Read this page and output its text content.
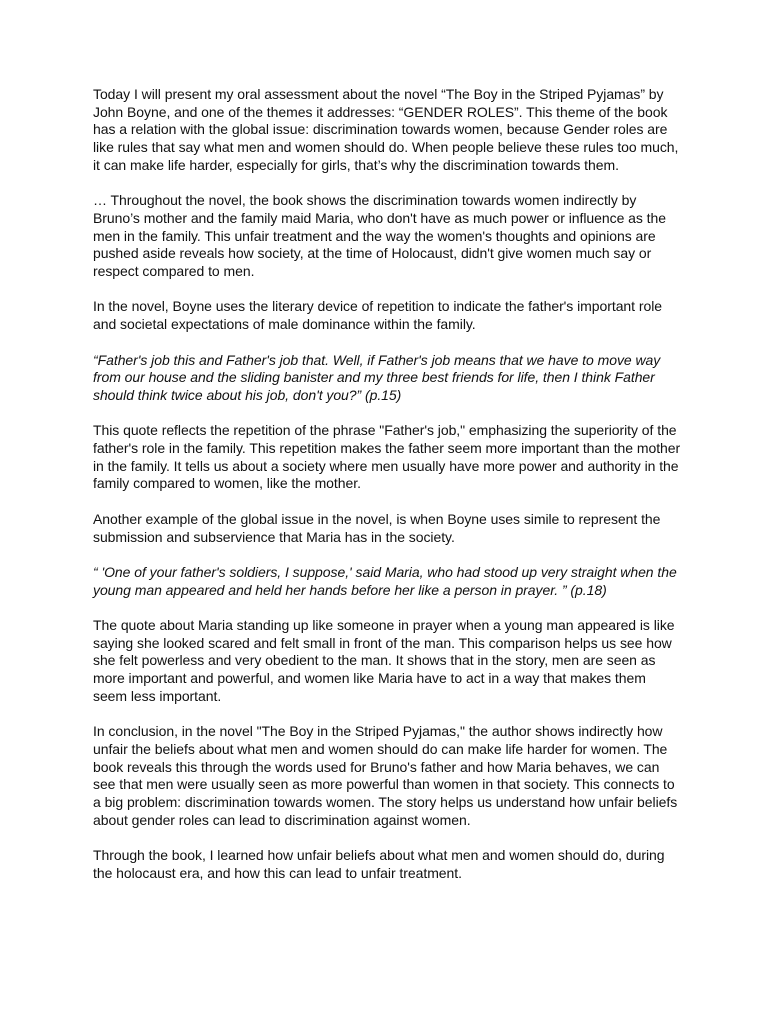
Today I will present my oral assessment about the novel “The Boy in the Striped Pyjamas” by John Boyne, and one of the themes it addresses: “GENDER ROLES”. This theme of the book has a relation with the global issue: discrimination towards women, because Gender roles are like rules that say what men and women should do. When people believe these rules too much, it can make life harder, especially for girls, that’s why the discrimination towards them.

… Throughout the novel, the book shows the discrimination towards women indirectly by Bruno’s mother and the family maid Maria, who don't have as much power or influence as the men in the family. This unfair treatment and the way the women's thoughts and opinions are pushed aside reveals how society, at the time of Holocaust, didn't give women much say or respect compared to men.

In the novel, Boyne uses the literary device of repetition to indicate the father's important role and societal expectations of male dominance within the family.

“Father's job this and Father's job that. Well, if Father's job means that we have to move way from our house and the sliding banister and my three best friends for life, then I think Father should think twice about his job, don't you?” (p.15)

This quote reflects the repetition of the phrase "Father's job," emphasizing the superiority of the father's role in the family. This repetition makes the father seem more important than the mother in the family. It tells us about a society where men usually have more power and authority in the family compared to women, like the mother.

Another example of the global issue in the novel, is when Boyne uses simile to represent the submission and subservience that Maria has in the society.

“ 'One of your father's soldiers, I suppose,' said Maria, who had stood up very straight when the young man appeared and held her hands before her like a person in prayer. ” (p.18)

The quote about Maria standing up like someone in prayer when a young man appeared is like saying she looked scared and felt small in front of the man. This comparison helps us see how she felt powerless and very obedient to the man. It shows that in the story, men are seen as more important and powerful, and women like Maria have to act in a way that makes them seem less important.

In conclusion, in the novel "The Boy in the Striped Pyjamas," the author shows indirectly how unfair the beliefs about what men and women should do can make life harder for women. The book reveals this through the words used for Bruno's father and how Maria behaves, we can see that men were usually seen as more powerful than women in that society. This connects to a big problem: discrimination towards women. The story helps us understand how unfair beliefs about gender roles can lead to discrimination against women.

Through the book, I learned how unfair beliefs about what men and women should do, during the holocaust era, and how this can lead to unfair treatment.
